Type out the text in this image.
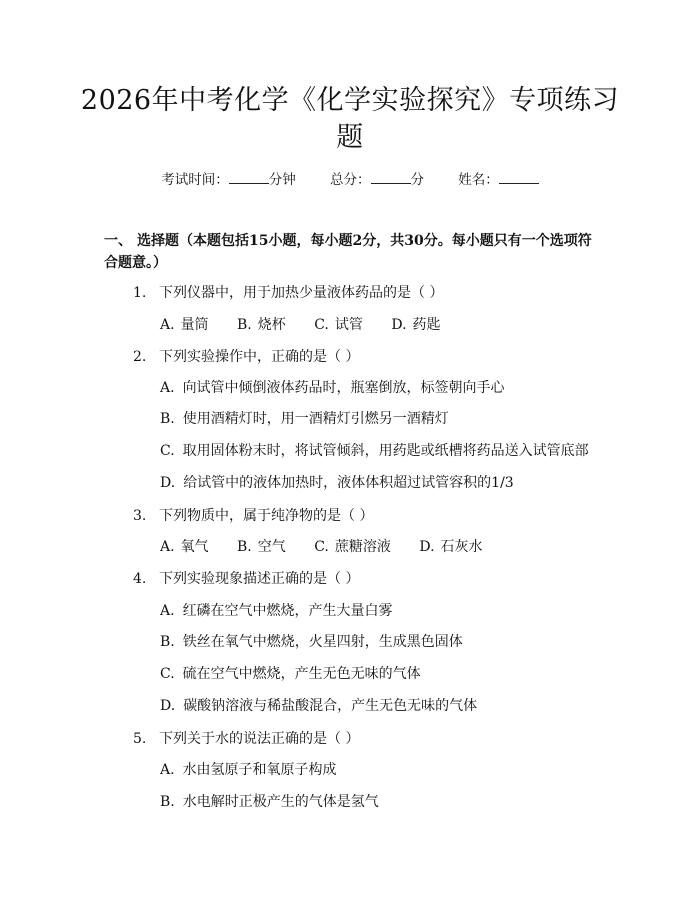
2026年中考化学《化学实验探究》专项练习
题
考试时间：	分钟	总分：	分	姓名：
一、 选择题（本题包括15小题，每小题2分，共30分。每小题只有一个选项符合题意。）
1. 下列仪器中，用于加热少量液体药品的是（ ）
A. 量筒 B. 烧杯 C. 试管 D. 药匙
2. 下列实验操作中，正确的是（ ）
A. 向试管中倾倒液体药品时，瓶塞倒放，标签朝向手心
B. 使用酒精灯时，用一酒精灯引燃另一酒精灯
C. 取用固体粉末时，将试管倾斜，用药匙或纸槽将药品送入试管底部
D. 给试管中的液体加热时，液体体积超过试管容积的1/3
3. 下列物质中，属于纯净物的是（ ）
A. 氧气 B. 空气 C. 蔗糖溶液 D. 石灰水
4. 下列实验现象描述正确的是（ ）
A. 红磷在空气中燃烧，产生大量白雾
B. 铁丝在氧气中燃烧，火星四射，生成黑色固体
C. 硫在空气中燃烧，产生无色无味的气体
D. 碳酸钠溶液与稀盐酸混合，产生无色无味的气体
5. 下列关于水的说法正确的是（ ）
A. 水由氢原子和氧原子构成
B. 水电解时正极产生的气体是氢气
